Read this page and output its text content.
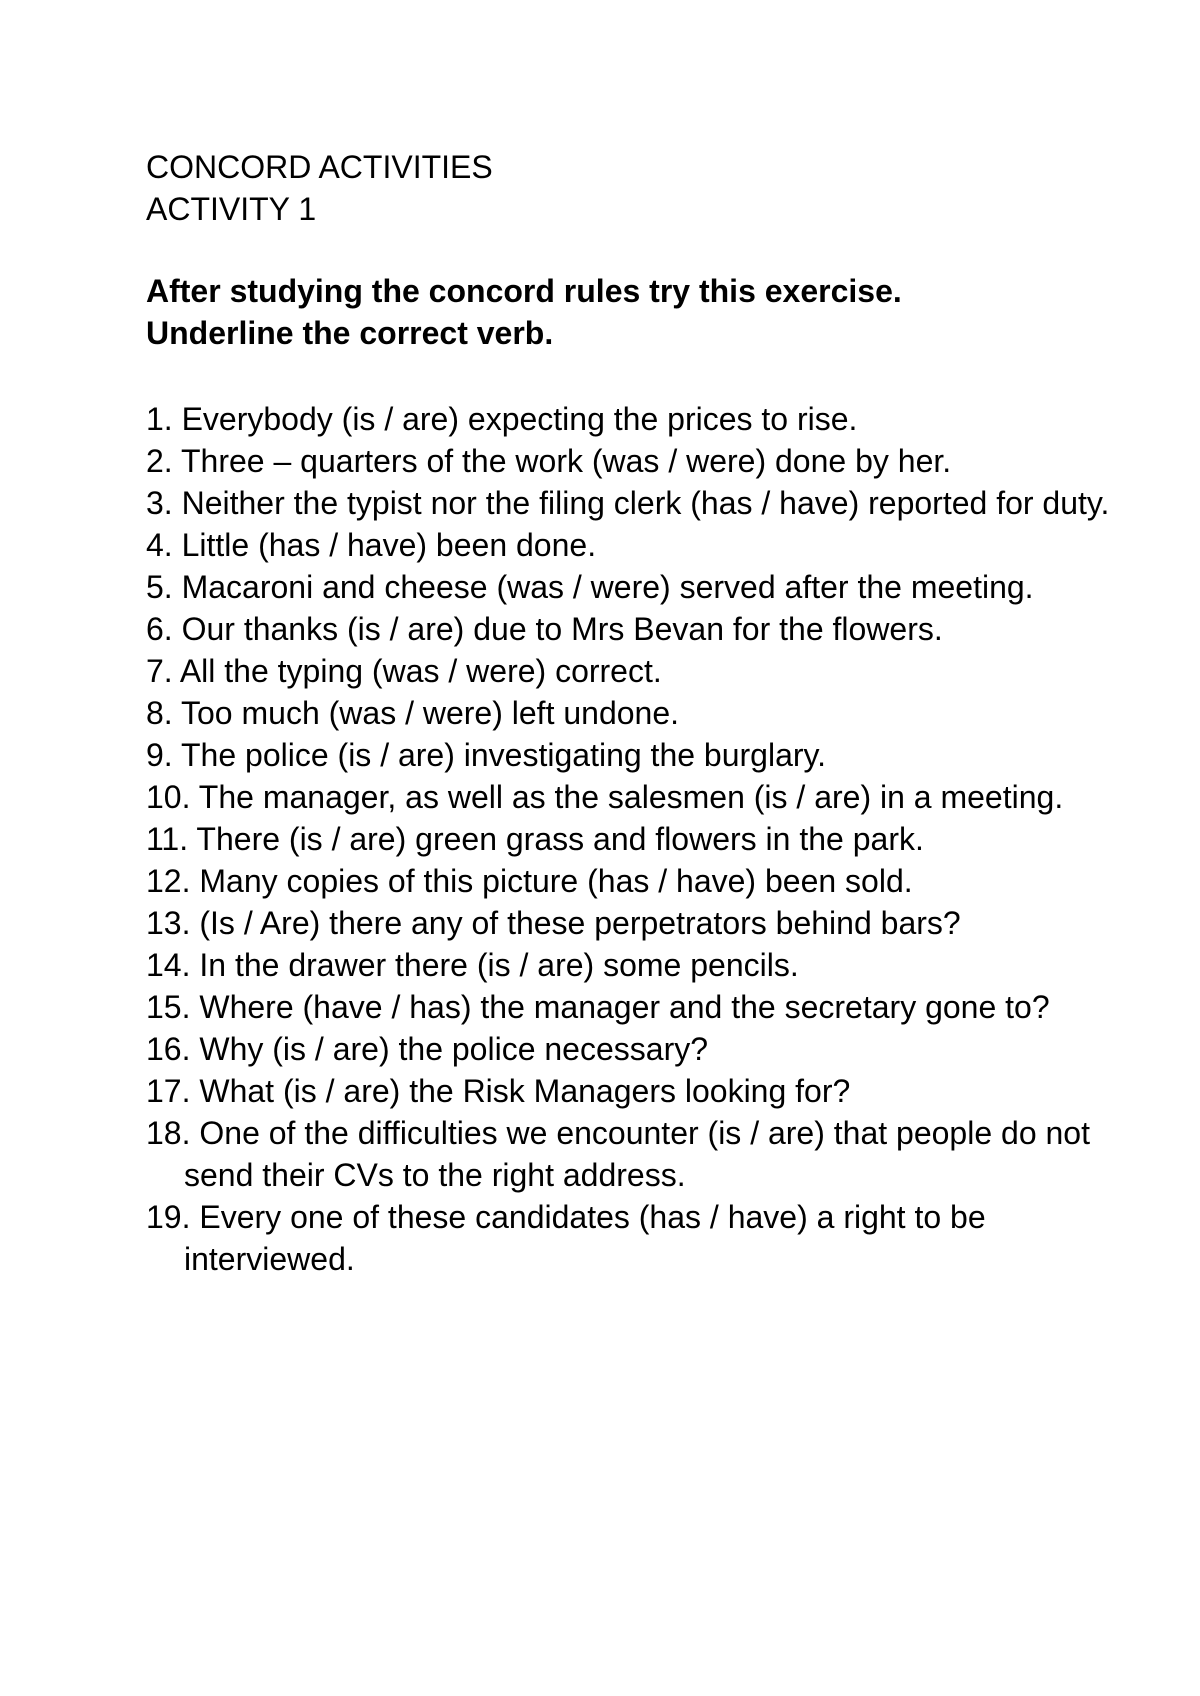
CONCORD ACTIVITIES
ACTIVITY 1
After studying the concord rules try this exercise.
Underline the correct verb.
1. Everybody (is / are) expecting the prices to rise.
2. Three – quarters of the work (was / were) done by her.
3. Neither the typist nor the filing clerk (has / have) reported for duty.
4. Little (has / have) been done.
5. Macaroni and cheese (was / were) served after the meeting.
6. Our thanks (is / are) due to Mrs Bevan for the flowers.
7. All the typing (was / were) correct.
8. Too much (was / were) left undone.
9. The police (is / are) investigating the burglary.
10. The manager, as well as the salesmen (is / are) in a meeting.
11. There (is / are) green grass and flowers in the park.
12. Many copies of this picture (has / have) been sold.
13. (Is / Are) there any of these perpetrators behind bars?
14. In the drawer there (is / are) some pencils.
15. Where (have / has) the manager and the secretary gone to?
16. Why (is / are) the police necessary?
17. What (is / are) the Risk Managers looking for?
18. One of the difficulties we encounter (is / are) that people do not send their CVs to the right address.
19. Every one of these candidates (has / have) a right to be interviewed.
